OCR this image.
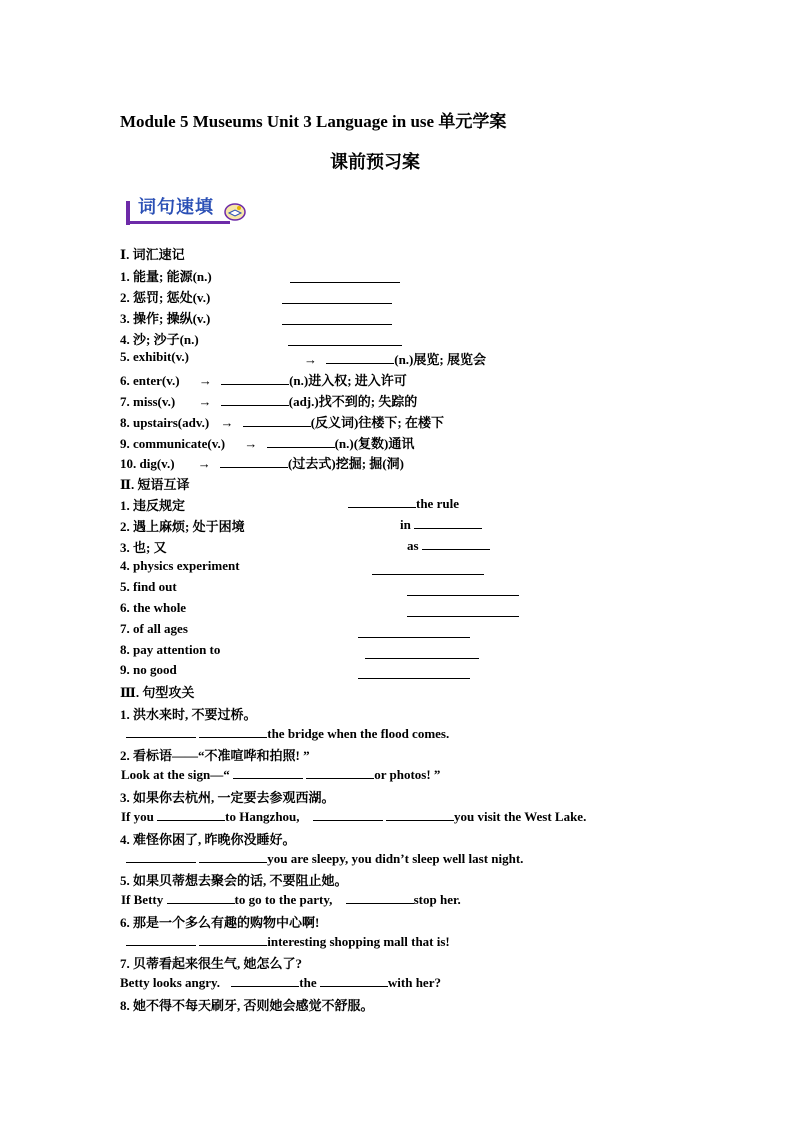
Module 5 Museums Unit 3 Language in use 单元学案
课前预习案
词句速填
Ⅰ. 词汇速记
1. 能量; 能源(n.)
2. 惩罚; 惩处(v.)
3. 操作; 操纵(v.)
4. 沙; 沙子(n.)
5. exhibit(v.)	→	(n.)展览; 展览会
6. enter(v.) →	(n.)进入权; 进入许可
7. miss(v.) →	(adj.)找不到的; 失踪的
8. upstairs(adv.) →	(反义词)往楼下; 在楼下
9. communicate(v.) →	(n.)(复数)通讯
10. dig(v.) →	(过去式)挖掘; 掘(洞)
Ⅱ. 短语互译
1. 违反规定	the rule
2. 遇上麻烦; 处于困境	in
3. 也; 又	as
4. physics experiment
5. find out
6. the whole
7. of all ages
8. pay attention to
9. no good
Ⅲ. 句型攻关
1. 洪水来时, 不要过桥。
the bridge when the flood comes.
2. 看标语——“不准喧哗和拍照! ”
Look at the sign—“	or photos! ”
3. 如果你去杭州, 一定要去参观西湖。
If you	to Hangzhou,	you visit the West Lake.
4. 难怪你困了, 昨晚你没睡好。
you are sleepy, you didn’t sleep well last night.
5. 如果贝蒂想去聚会的话, 不要阻止她。
If Betty	to go to the party,	stop her.
6. 那是一个多么有趣的购物中心啊!
interesting shopping mall that is!
7. 贝蒂看起来很生气, 她怎么了?
Betty looks angry.	the	with her?
8. 她不得不每天刷牙, 否则她会感觉不舒服。
